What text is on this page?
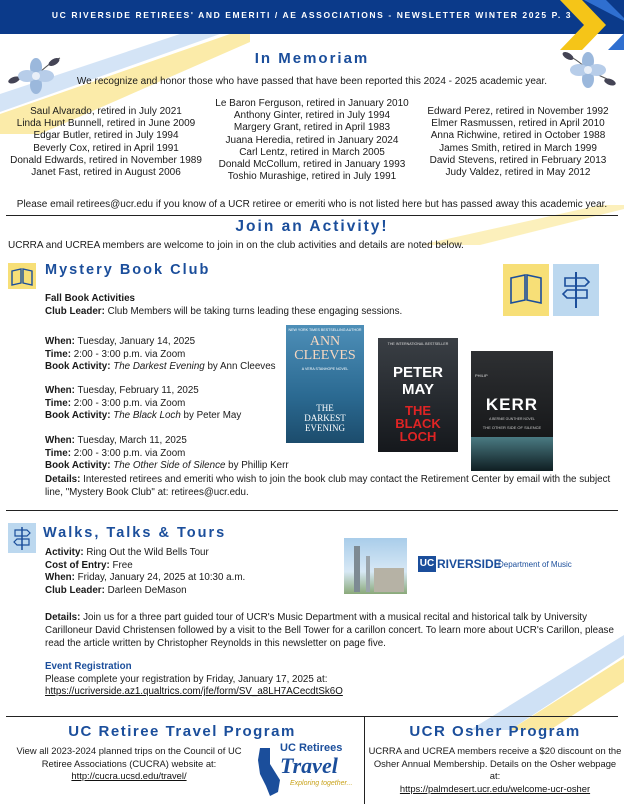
UC RIVERSIDE RETIREES' AND EMERITI / AE ASSOCIATIONS - NEWSLETTER WINTER 2025 P. 3
In Memoriam
We recognize and honor those who have passed that have been reported this 2024 - 2025 academic year.
Saul Alvarado, retired in July 2021
Linda Hunt Bunnell, retired in June 2009
Edgar Butler, retired in July 1994
Beverly Cox, retired in April 1991
Donald Edwards, retired in November 1989
Janet Fast, retired in August 2006
Le Baron Ferguson, retired in January 2010
Anthony Ginter, retired in July 1994
Margery Grant, retired in April 1983
Juana Heredia, retired in January 2024
Carl Lentz, retired in March 2005
Donald McCollum, retired in January 1993
Toshio Murashige, retired in July 1991
Edward Perez, retired in November 1992
Elmer Rasmussen, retired in April 2010
Anna Richwine, retired in October 1988
James Smith, retired in March 1999
David Stevens, retired in February 2013
Judy Valdez, retired in May 2012
Please email retirees@ucr.edu if you know of a UCR retiree or emeriti who is not listed here but has passed away this academic year.
Join an Activity!
UCRRA and UCREA members are welcome to join in on the club activities and details are noted below.
Mystery Book Club
Fall Book Activities
Club Leader: Club Members will be taking turns leading these engaging sessions.
When: Tuesday, January 14, 2025
Time: 2:00 - 3:00 p.m. via Zoom
Book Activity: The Darkest Evening by Ann Cleeves
When: Tuesday, February 11, 2025
Time: 2:00 - 3:00 p.m. via Zoom
Book Activity: The Black Loch by Peter May
When: Tuesday, March 11, 2025
Time: 2:00 - 3:00 p.m. via Zoom
Book Activity: The Other Side of Silence by Phillip Kerr
Details: Interested retirees and emeriti who wish to join the book club may contact the Retirement Center by email with the subject line, "Mystery Book Club" at: retirees@ucr.edu.
NEW YORK TIMES BESTSELLING AUTHOR
ANN CLEEVES
A VERA STANHOPE NOVEL
THE DARKEST EVENING
THE INTERNATIONAL BESTSELLER
PETER MAY
THE BLACK LOCH
PHILIP
KERR
A BERNIE GUNTHER NOVEL
THE OTHER SIDE OF SILENCE
Walks, Talks & Tours
Activity: Ring Out the Wild Bells Tour
Cost of Entry: Free
When: Friday, January 24, 2025 at 10:30 a.m.
Club Leader: Darleen DeMason
UC RIVERSIDE
Department of Music
Details: Join us for a three part guided tour of UCR's Music Department with a musical recital and historical talk by University Carilloneur David Christensen followed by a visit to the Bell Tower for a carillon concert. To learn more about UCR's Carillon, please read the article written by Christopher Reynolds in this newsletter on page five.
Event Registration
Please complete your registration by Friday, January 17, 2025 at:
https://ucriverside.az1.qualtrics.com/jfe/form/SV_a8LH7ACecdtSk6O
UC Retiree Travel Program
View all 2023-2024 planned trips on the Council of UC Retiree Associations (CUCRA) website at:
http://cucra.ucsd.edu/travel/
UC Retirees
Travel
Exploring together...
UCR Osher Program
UCRRA and UCREA members receive a $20 discount on the Osher Annual Membership. Details on the Osher webpage at:
https://palmdesert.ucr.edu/welcome-ucr-osher
